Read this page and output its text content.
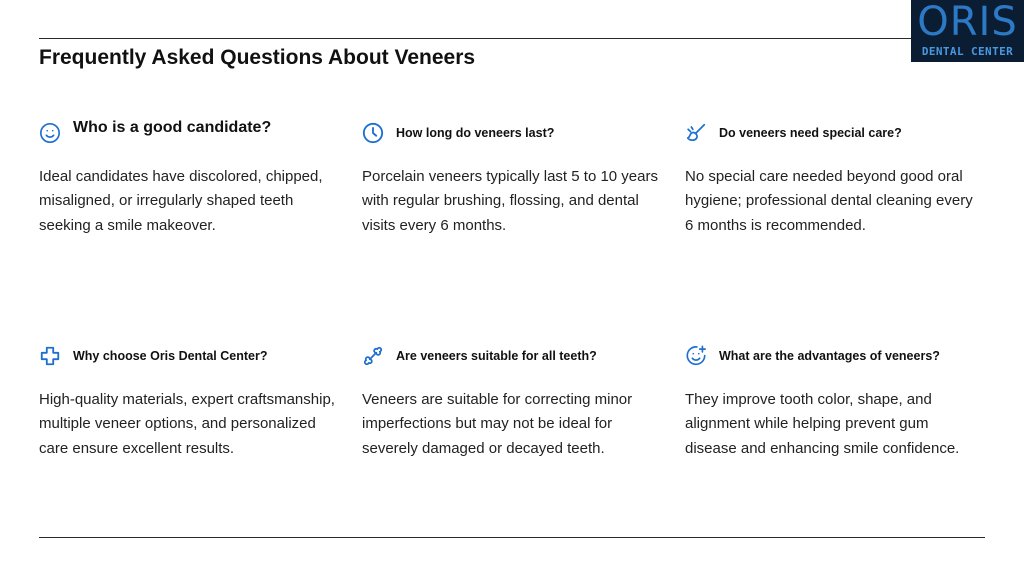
ORIS
DENTAL CENTER
Frequently Asked Questions About Veneers
Who is a good candidate?

Ideal candidates have discolored, chipped, misaligned, or irregularly shaped teeth seeking a smile makeover.

How long do veneers last?

Porcelain veneers typically last 5 to 10 years with regular brushing, flossing, and dental visits every 6 months.

Do veneers need special care?

No special care needed beyond good oral hygiene; professional dental cleaning every 6 months is recommended.

Why choose Oris Dental Center?

High-quality materials, expert craftsmanship, multiple veneer options, and personalized care ensure excellent results.

Are veneers suitable for all teeth?

Veneers are suitable for correcting minor imperfections but may not be ideal for severely damaged or decayed teeth.

What are the advantages of veneers?

They improve tooth color, shape, and alignment while helping prevent gum disease and enhancing smile confidence.
